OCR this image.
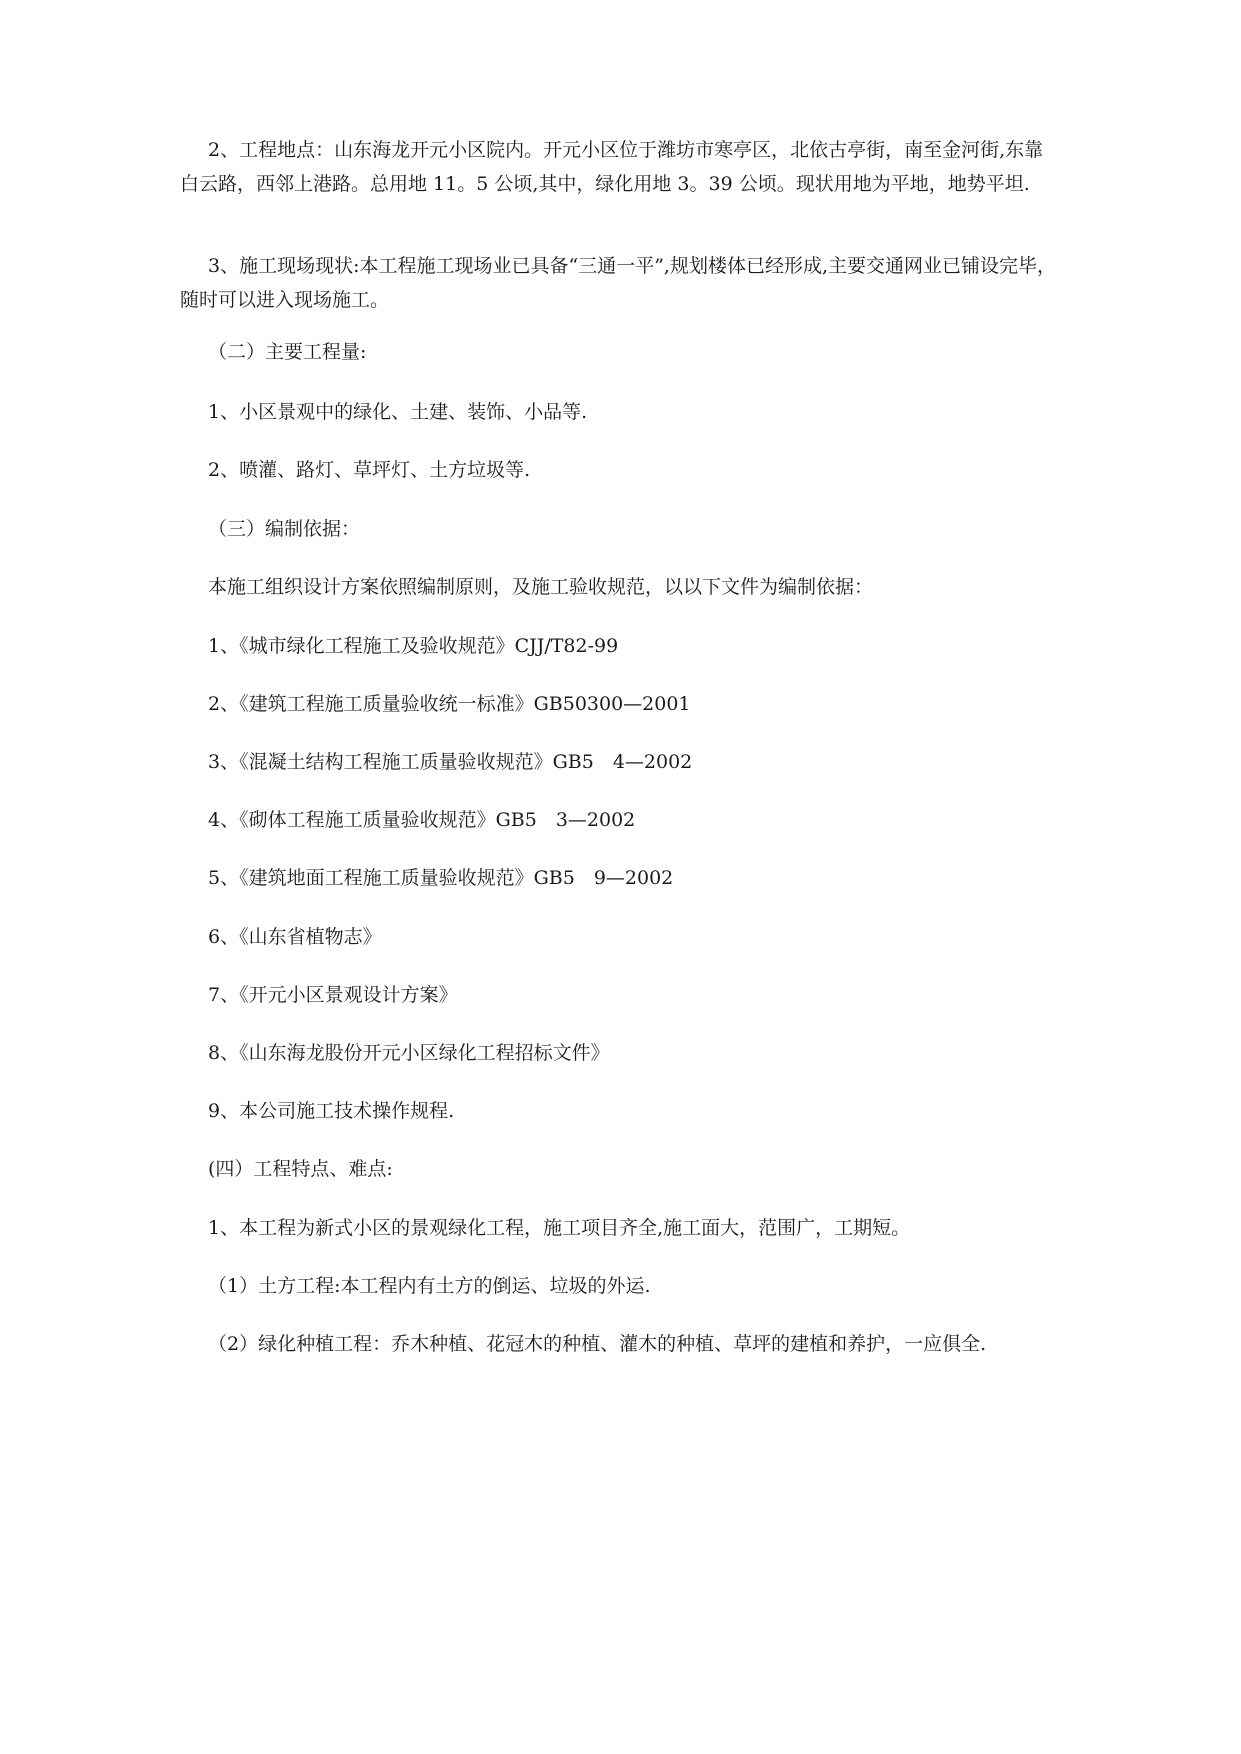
2、工程地点：山东海龙开元小区院内。开元小区位于潍坊市寒亭区，北依古亭街，南至金河街,东靠白云路，西邻上港路。总用地 11。5 公顷,其中，绿化用地 3。39 公顷。现状用地为平地，地势平坦.

3、施工现场现状:本工程施工现场业已具备“三通一平”,规划楼体已经形成,主要交通网业已铺设完毕，随时可以进入现场施工。

（二）主要工程量:

1、小区景观中的绿化、土建、装饰、小品等.

2、喷灌、路灯、草坪灯、土方垃圾等.

（三）编制依据：

本施工组织设计方案依照编制原则，及施工验收规范，以以下文件为编制依据：

1、《城市绿化工程施工及验收规范》CJJ/T82-99

2、《建筑工程施工质量验收统一标准》GB50300—2001

3、《混凝土结构工程施工质量验收规范》GB5　4—2002

4、《砌体工程施工质量验收规范》GB5　3—2002

5、《建筑地面工程施工质量验收规范》GB5　9—2002

6、《山东省植物志》

7、《开元小区景观设计方案》

8、《山东海龙股份开元小区绿化工程招标文件》

9、本公司施工技术操作规程.

(四）工程特点、难点:

1、本工程为新式小区的景观绿化工程，施工项目齐全,施工面大，范围广，工期短。

（1）土方工程:本工程内有土方的倒运、垃圾的外运.

（2）绿化种植工程：乔木种植、花冠木的种植、灌木的种植、草坪的建植和养护，一应俱全.
